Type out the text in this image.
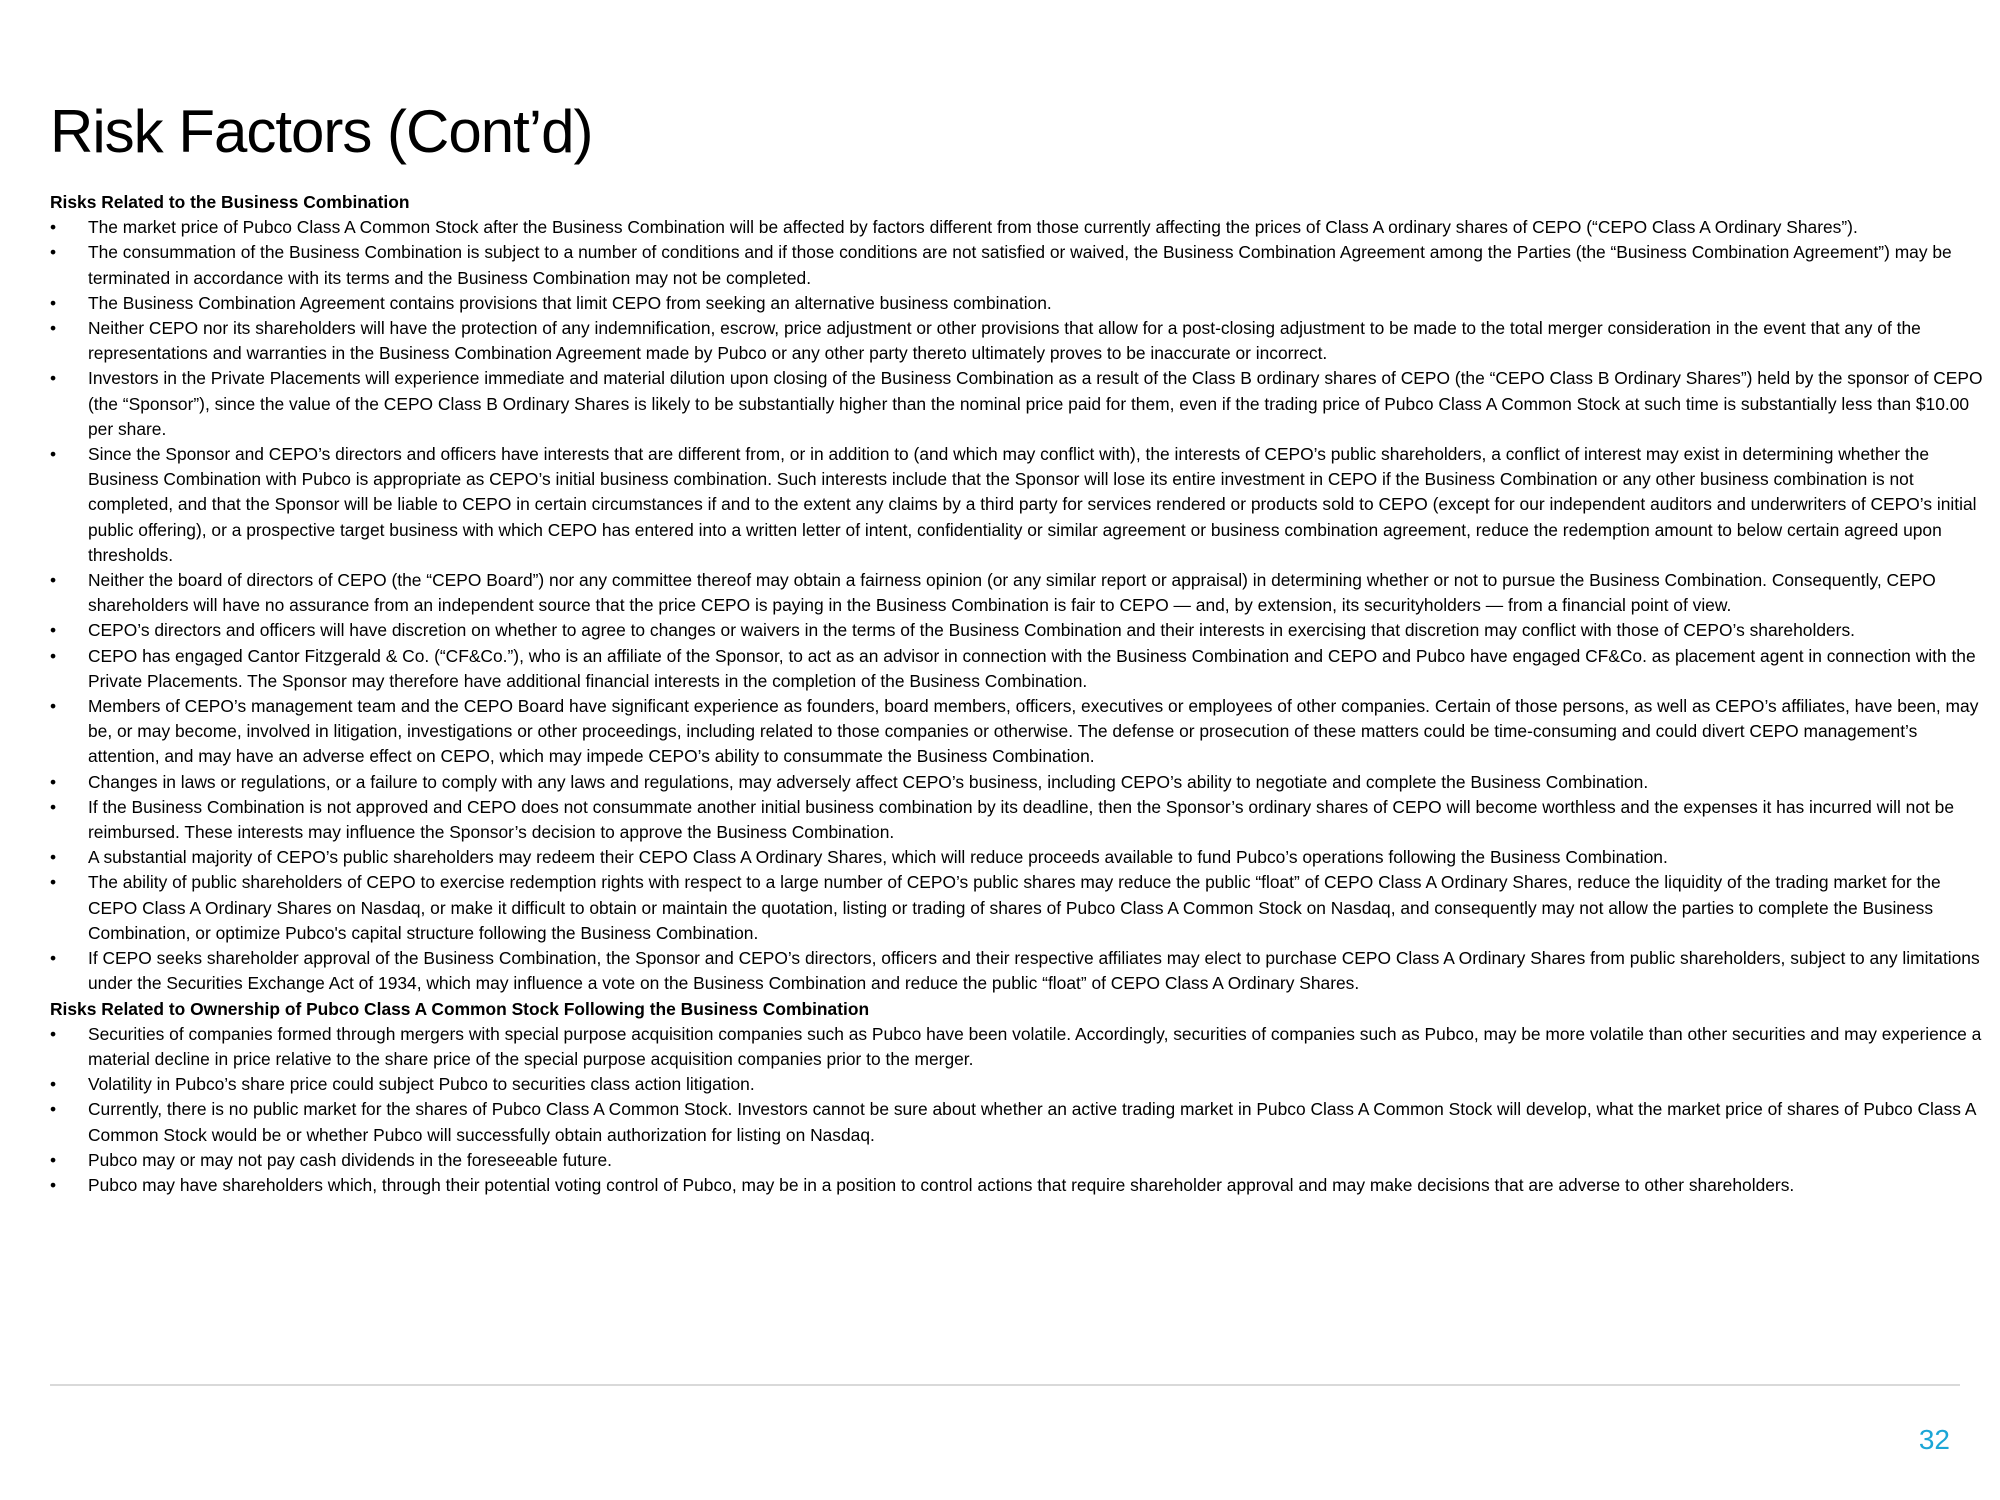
Risk Factors (Cont’d)

Risks Related to the Business Combination

•	The market price of Pubco Class A Common Stock after the Business Combination will be affected by factors different from those currently affecting the prices of Class A ordinary shares of CEPO (“CEPO Class A Ordinary Shares”).
•	The consummation of the Business Combination is subject to a number of conditions and if those conditions are not satisfied or waived, the Business Combination Agreement among the Parties (the “Business Combination Agreement”) may be terminated in accordance with its terms and the Business Combination may not be completed.
•	The Business Combination Agreement contains provisions that limit CEPO from seeking an alternative business combination.
•	Neither CEPO nor its shareholders will have the protection of any indemnification, escrow, price adjustment or other provisions that allow for a post-closing adjustment to be made to the total merger consideration in the event that any of the representations and warranties in the Business Combination Agreement made by Pubco or any other party thereto ultimately proves to be inaccurate or incorrect.
•	Investors in the Private Placements will experience immediate and material dilution upon closing of the Business Combination as a result of the Class B ordinary shares of CEPO (the “CEPO Class B Ordinary Shares”) held by the sponsor of CEPO (the “Sponsor”), since the value of the CEPO Class B Ordinary Shares is likely to be substantially higher than the nominal price paid for them, even if the trading price of Pubco Class A Common Stock at such time is substantially less than $10.00 per share.
•	Since the Sponsor and CEPO’s directors and officers have interests that are different from, or in addition to (and which may conflict with), the interests of CEPO’s public shareholders, a conflict of interest may exist in determining whether the Business Combination with Pubco is appropriate as CEPO’s initial business combination. Such interests include that the Sponsor will lose its entire investment in CEPO if the Business Combination or any other business combination is not completed, and that the Sponsor will be liable to CEPO in certain circumstances if and to the extent any claims by a third party for services rendered or products sold to CEPO (except for our independent auditors and underwriters of CEPO’s initial public offering), or a prospective target business with which CEPO has entered into a written letter of intent, confidentiality or similar agreement or business combination agreement, reduce the redemption amount to below certain agreed upon thresholds.
•	Neither the board of directors of CEPO (the “CEPO Board”) nor any committee thereof may obtain a fairness opinion (or any similar report or appraisal) in determining whether or not to pursue the Business Combination. Consequently, CEPO shareholders will have no assurance from an independent source that the price CEPO is paying in the Business Combination is fair to CEPO — and, by extension, its securityholders — from a financial point of view.
•	CEPO’s directors and officers will have discretion on whether to agree to changes or waivers in the terms of the Business Combination and their interests in exercising that discretion may conflict with those of CEPO’s shareholders.
•	CEPO has engaged Cantor Fitzgerald & Co. (“CF&Co.”), who is an affiliate of the Sponsor, to act as an advisor in connection with the Business Combination and CEPO and Pubco have engaged CF&Co. as placement agent in connection with the Private Placements. The Sponsor may therefore have additional financial interests in the completion of the Business Combination.
•	Members of CEPO’s management team and the CEPO Board have significant experience as founders, board members, officers, executives or employees of other companies. Certain of those persons, as well as CEPO’s affiliates, have been, may be, or may become, involved in litigation, investigations or other proceedings, including related to those companies or otherwise. The defense or prosecution of these matters could be time-consuming and could divert CEPO management’s attention, and may have an adverse effect on CEPO, which may impede CEPO’s ability to consummate the Business Combination.
•	Changes in laws or regulations, or a failure to comply with any laws and regulations, may adversely affect CEPO’s business, including CEPO’s ability to negotiate and complete the Business Combination.
•	If the Business Combination is not approved and CEPO does not consummate another initial business combination by its deadline, then the Sponsor’s ordinary shares of CEPO will become worthless and the expenses it has incurred will not be reimbursed. These interests may influence the Sponsor’s decision to approve the Business Combination.
•	A substantial majority of CEPO’s public shareholders may redeem their CEPO Class A Ordinary Shares, which will reduce proceeds available to fund Pubco’s operations following the Business Combination.
•	The ability of public shareholders of CEPO to exercise redemption rights with respect to a large number of CEPO’s public shares may reduce the public “float” of CEPO Class A Ordinary Shares, reduce the liquidity of the trading market for the CEPO Class A Ordinary Shares on Nasdaq, or make it difficult to obtain or maintain the quotation, listing or trading of shares of Pubco Class A Common Stock on Nasdaq, and consequently may not allow the parties to complete the Business Combination, or optimize Pubco's capital structure following the Business Combination.
•	If CEPO seeks shareholder approval of the Business Combination, the Sponsor and CEPO’s directors, officers and their respective affiliates may elect to purchase CEPO Class A Ordinary Shares from public shareholders, subject to any limitations under the Securities Exchange Act of 1934, which may influence a vote on the Business Combination and reduce the public “float” of CEPO Class A Ordinary Shares.

Risks Related to Ownership of Pubco Class A Common Stock Following the Business Combination

•	Securities of companies formed through mergers with special purpose acquisition companies such as Pubco have been volatile. Accordingly, securities of companies such as Pubco, may be more volatile than other securities and may experience a material decline in price relative to the share price of the special purpose acquisition companies prior to the merger.
•	Volatility in Pubco’s share price could subject Pubco to securities class action litigation.
•	Currently, there is no public market for the shares of Pubco Class A Common Stock. Investors cannot be sure about whether an active trading market in Pubco Class A Common Stock will develop, what the market price of shares of Pubco Class A Common Stock would be or whether Pubco will successfully obtain authorization for listing on Nasdaq.
•	Pubco may or may not pay cash dividends in the foreseeable future.
•	Pubco may have shareholders which, through their potential voting control of Pubco, may be in a position to control actions that require shareholder approval and may make decisions that are adverse to other shareholders.
32
